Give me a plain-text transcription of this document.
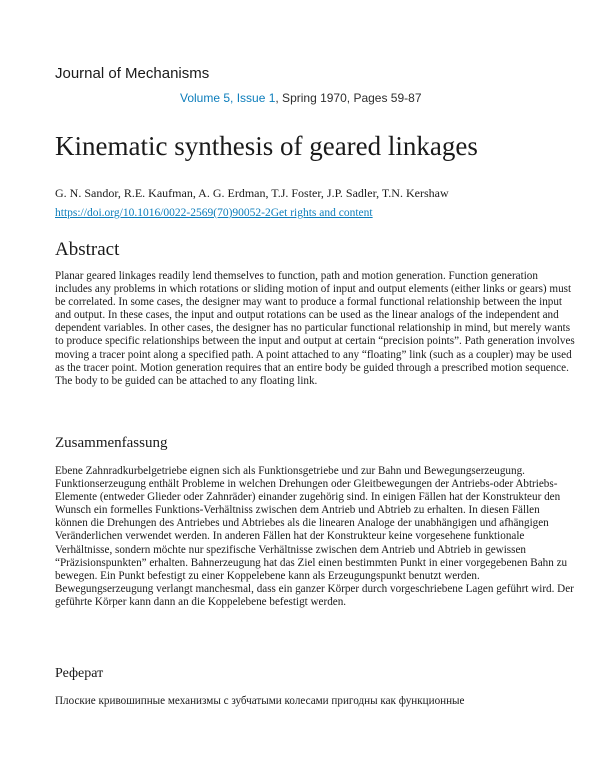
Journal of Mechanisms
Volume 5, Issue 1, Spring 1970, Pages 59-87
Kinematic synthesis of geared linkages
G. N. Sandor, R.E. Kaufman, A. G. Erdman, T.J. Foster, J.P. Sadler, T.N. Kershaw
https://doi.org/10.1016/0022-2569(70)90052-2Get rights and content
Abstract

Planar geared linkages readily lend themselves to function, path and motion generation. Function generation includes any problems in which rotations or sliding motion of input and output elements (either links or gears) must be correlated. In some cases, the designer may want to produce a formal functional relationship between the input and output. In these cases, the input and output rotations can be used as the linear analogs of the independent and dependent variables. In other cases, the designer has no particular functional relationship in mind, but merely wants to produce specific relationships between the input and output at certain “precision points”. Path generation involves moving a tracer point along a specified path. A point attached to any “floating” link (such as a coupler) may be used as the tracer point. Motion generation requires that an entire body be guided through a prescribed motion sequence. The body to be guided can be attached to any floating link.

Zusammenfassung

Ebene Zahnradkurbelgetriebe eignen sich als Funktionsgetriebe und zur Bahn und Bewegungserzeugung. Funktionserzeugung enthält Probleme in welchen Drehungen oder Gleitbewegungen der Antriebs-oder Abtriebs-Elemente (entweder Glieder oder Zahnräder) einander zugehörig sind. In einigen Fällen hat der Konstrukteur den Wunsch ein formelles Funktions-Verhältniss zwischen dem Antrieb und Abtrieb zu erhalten. In diesen Fällen können die Drehungen des Antriebes und Abtriebes als die linearen Analoge der unabhängigen und afhängigen Veränderlichen verwendet werden. In anderen Fällen hat der Konstrukteur keine vorgesehene funktionale Verhältnisse, sondern möchte nur spezifische Verhältnisse zwischen dem Antrieb und Abtrieb in gewissen “Präzisionspunkten” erhalten. Bahnerzeugung hat das Ziel einen bestimmten Punkt in einer vorgegebenen Bahn zu bewegen. Ein Punkt befestigt zu einer Koppelebene kann als Erzeugungspunkt benutzt werden. Bewegungserzeugung verlangt manchesmal, dass ein ganzer Körper durch vorgeschriebene Lagen geführt wird. Der geführte Körper kann dann an die Koppelebene befestigt werden.

Реферат

Плоские кривошипные механизмы с зубчатыми колесами пригодны как функционные
